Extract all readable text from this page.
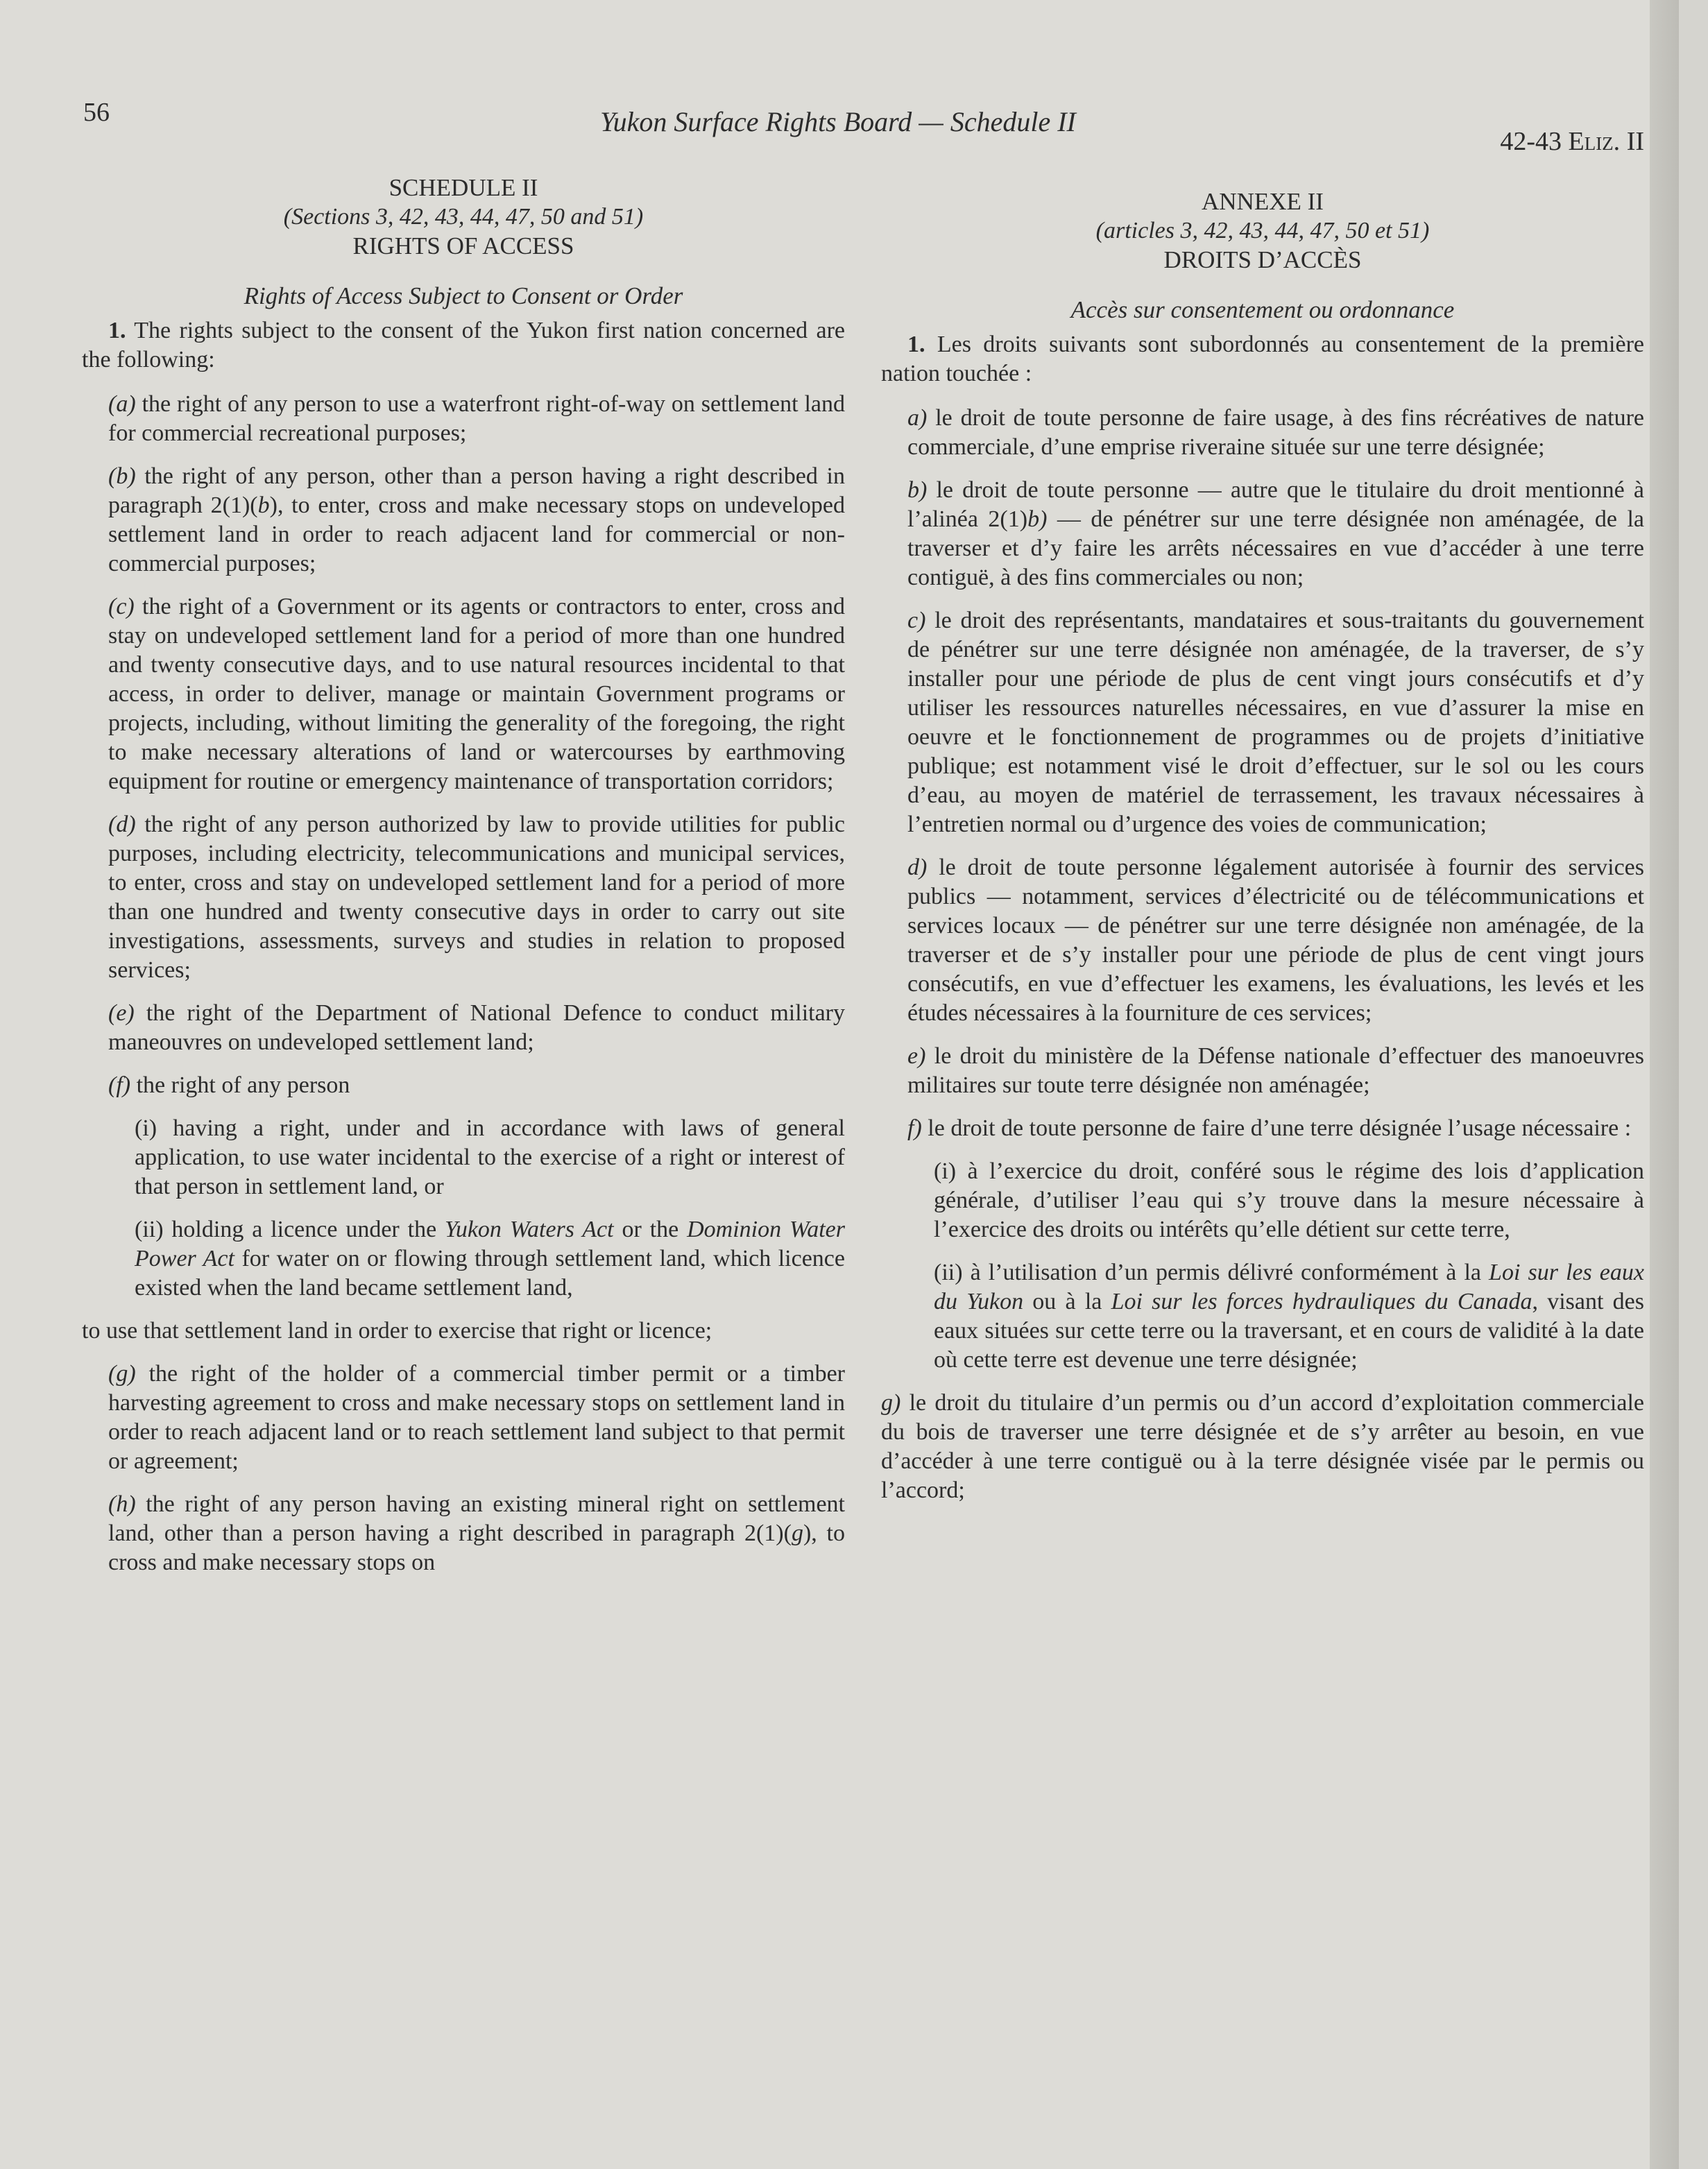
56	Yukon Surface Rights Board — Schedule II
42-43 Eliz. II
SCHEDULE II
(Sections 3, 42, 43, 44, 47, 50 and 51)
RIGHTS OF ACCESS
Rights of Access Subject to Consent or Order

1. The rights subject to the consent of the Yukon first nation concerned are the following:

(a) the right of any person to use a waterfront right-of-way on settlement land for commercial recreational purposes;

(b) the right of any person, other than a person having a right described in paragraph 2(1)(b), to enter, cross and make necessary stops on undeveloped settlement land in order to reach adjacent land for commercial or non-commercial purposes;

(c) the right of a Government or its agents or contractors to enter, cross and stay on undeveloped settlement land for a period of more than one hundred and twenty consecutive days, and to use natural resources incidental to that access, in order to deliver, manage or maintain Government programs or projects, including, without limiting the generality of the foregoing, the right to make necessary alterations of land or watercourses by earthmoving equipment for routine or emergency maintenance of transportation corridors;

(d) the right of any person authorized by law to provide utilities for public purposes, including electricity, telecommunications and municipal services, to enter, cross and stay on undeveloped settlement land for a period of more than one hundred and twenty consecutive days in order to carry out site investigations, assessments, surveys and studies in relation to proposed services;

(e) the right of the Department of National Defence to conduct military maneouvres on undeveloped settlement land;

(f) the right of any person

(i) having a right, under and in accordance with laws of general application, to use water incidental to the exercise of a right or interest of that person in settlement land, or

(ii) holding a licence under the Yukon Waters Act or the Dominion Water Power Act for water on or flowing through settlement land, which licence existed when the land became settlement land,

to use that settlement land in order to exercise that right or licence;

(g) the right of the holder of a commercial timber permit or a timber harvesting agreement to cross and make necessary stops on settlement land in order to reach adjacent land or to reach settlement land subject to that permit or agreement;

(h) the right of any person having an existing mineral right on settlement land, other than a person having a right described in paragraph 2(1)(g), to cross and make necessary stops on

ANNEXE II
(articles 3, 42, 43, 44, 47, 50 et 51)
DROITS D’ACCÈS
Accès sur consentement ou ordonnance

1. Les droits suivants sont subordonnés au consentement de la première nation touchée :

a) le droit de toute personne de faire usage, à des fins récréatives de nature commerciale, d’une emprise riveraine située sur une terre désignée;

b) le droit de toute personne — autre que le titulaire du droit mentionné à l’alinéa 2(1)b) — de pénétrer sur une terre désignée non aménagée, de la traverser et d’y faire les arrêts nécessaires en vue d’accéder à une terre contiguë, à des fins commerciales ou non;

c) le droit des représentants, mandataires et sous-traitants du gouvernement de pénétrer sur une terre désignée non aménagée, de la traverser, de s’y installer pour une période de plus de cent vingt jours consécutifs et d’y utiliser les ressources naturelles nécessaires, en vue d’assurer la mise en oeuvre et le fonctionnement de programmes ou de projets d’initiative publique; est notamment visé le droit d’effectuer, sur le sol ou les cours d’eau, au moyen de matériel de terrassement, les travaux nécessaires à l’entretien normal ou d’urgence des voies de communication;

d) le droit de toute personne légalement autorisée à fournir des services publics — notamment, services d’électricité ou de télécommunications et services locaux — de pénétrer sur une terre désignée non aménagée, de la traverser et de s’y installer pour une période de plus de cent vingt jours consécutifs, en vue d’effectuer les examens, les évaluations, les levés et les études nécessaires à la fourniture de ces services;

e) le droit du ministère de la Défense nationale d’effectuer des manoeuvres militaires sur toute terre désignée non aménagée;

f) le droit de toute personne de faire d’une terre désignée l’usage nécessaire :

(i) à l’exercice du droit, conféré sous le régime des lois d’application générale, d’utiliser l’eau qui s’y trouve dans la mesure nécessaire à l’exercice des droits ou intérêts qu’elle détient sur cette terre,

(ii) à l’utilisation d’un permis délivré conformément à la Loi sur les eaux du Yukon ou à la Loi sur les forces hydrauliques du Canada, visant des eaux situées sur cette terre ou la traversant, et en cours de validité à la date où cette terre est devenue une terre désignée;

g) le droit du titulaire d’un permis ou d’un accord d’exploitation commerciale du bois de traverser une terre désignée et de s’y arrêter au besoin, en vue d’accéder à une terre contiguë ou à la terre désignée visée par le permis ou l’accord;
